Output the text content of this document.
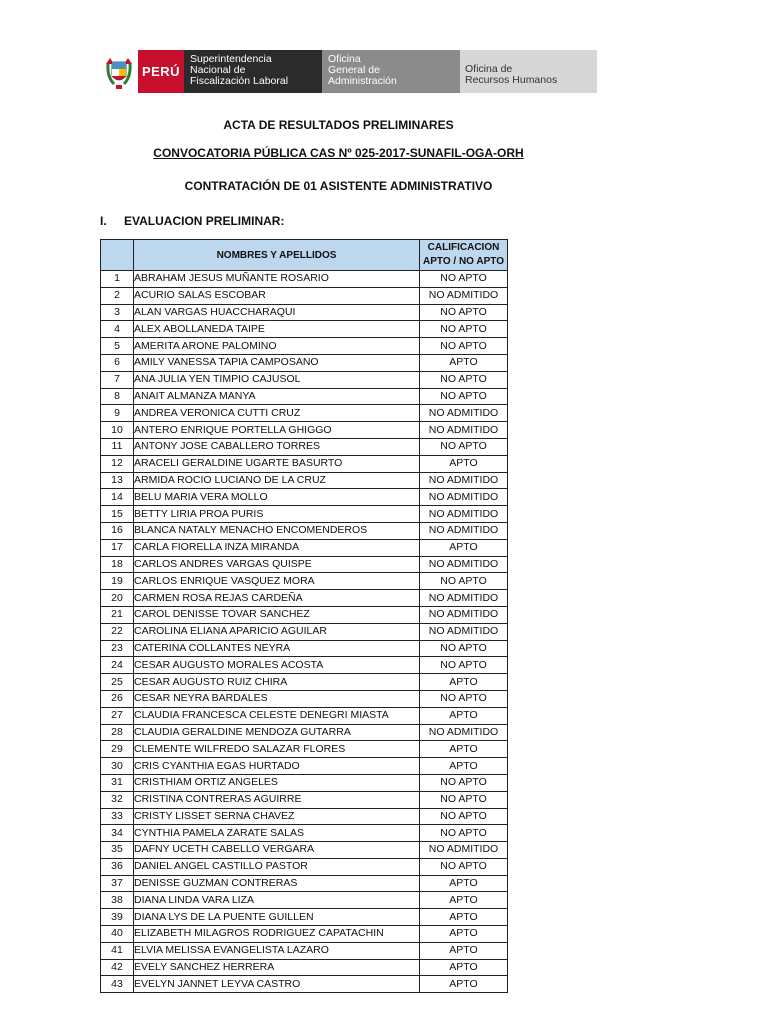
PERÚ
Superintendencia
Nacional de
Fiscalización Laboral
Oficina
General de
Administración
Oficina de
Recursos Humanos
ACTA DE RESULTADOS PRELIMINARES
CONVOCATORIA PÚBLICA CAS Nº 025-2017-SUNAFIL-OGA-ORH
CONTRATACIÓN DE 01 ASISTENTE ADMINISTRATIVO
I. EVALUACION PRELIMINAR:
	NOMBRES Y APELLIDOS	CALIFICACION
APTO / NO APTO

1	ABRAHAM JESUS MUÑANTE ROSARIO	NO APTO
2	ACURIO SALAS ESCOBAR	NO ADMITIDO
3	ALAN VARGAS HUACCHARAQUI	NO APTO
4	ALEX ABOLLANEDA TAIPE	NO APTO
5	AMERITA ARONE PALOMINO	NO APTO
6	AMILY VANESSA TAPIA CAMPOSANO	APTO
7	ANA JULIA YEN TIMPIO CAJUSOL	NO APTO
8	ANAIT ALMANZA MANYA	NO APTO
9	ANDREA VERONICA CUTTI CRUZ	NO ADMITIDO
10	ANTERO ENRIQUE PORTELLA GHIGGO	NO ADMITIDO
11	ANTONY JOSE CABALLERO TORRES	NO APTO
12	ARACELI GERALDINE UGARTE BASURTO	APTO
13	ARMIDA ROCIO LUCIANO DE LA CRUZ	NO ADMITIDO
14	BELU MARIA VERA MOLLO	NO ADMITIDO
15	BETTY LIRIA PROA PURIS	NO ADMITIDO
16	BLANCA NATALY MENACHO ENCOMENDEROS	NO ADMITIDO
17	CARLA FIORELLA INZA MIRANDA	APTO
18	CARLOS ANDRES VARGAS QUISPE	NO ADMITIDO
19	CARLOS ENRIQUE VASQUEZ MORA	NO APTO
20	CARMEN ROSA REJAS CARDEÑA	NO ADMITIDO
21	CAROL DENISSE TOVAR SANCHEZ	NO ADMITIDO
22	CAROLINA ELIANA APARICIO AGUILAR	NO ADMITIDO
23	CATERINA COLLANTES NEYRA	NO APTO
24	CESAR AUGUSTO MORALES ACOSTA	NO APTO
25	CESAR AUGUSTO RUIZ CHIRA	APTO
26	CESAR NEYRA BARDALES	NO APTO
27	CLAUDIA FRANCESCA CELESTE DENEGRI MIASTA	APTO
28	CLAUDIA GERALDINE MENDOZA GUTARRA	NO ADMITIDO
29	CLEMENTE WILFREDO SALAZAR FLORES	APTO
30	CRIS CYANTHIA EGAS HURTADO	APTO
31	CRISTHIAM ORTIZ ANGELES	NO APTO
32	CRISTINA CONTRERAS AGUIRRE	NO APTO
33	CRISTY LISSET SERNA CHAVEZ	NO APTO
34	CYNTHIA PAMELA ZARATE SALAS	NO APTO
35	DAFNY UCETH CABELLO VERGARA	NO ADMITIDO
36	DANIEL ANGEL CASTILLO PASTOR	NO APTO
37	DENISSE GUZMAN CONTRERAS	APTO
38	DIANA LINDA VARA LIZA	APTO
39	DIANA LYS DE LA PUENTE GUILLEN	APTO
40	ELIZABETH MILAGROS RODRIGUEZ CAPATACHIN	APTO
41	ELVIA MELISSA EVANGELISTA LAZARO	APTO
42	EVELY SANCHEZ HERRERA	APTO
43	EVELYN JANNET LEYVA CASTRO	APTO
